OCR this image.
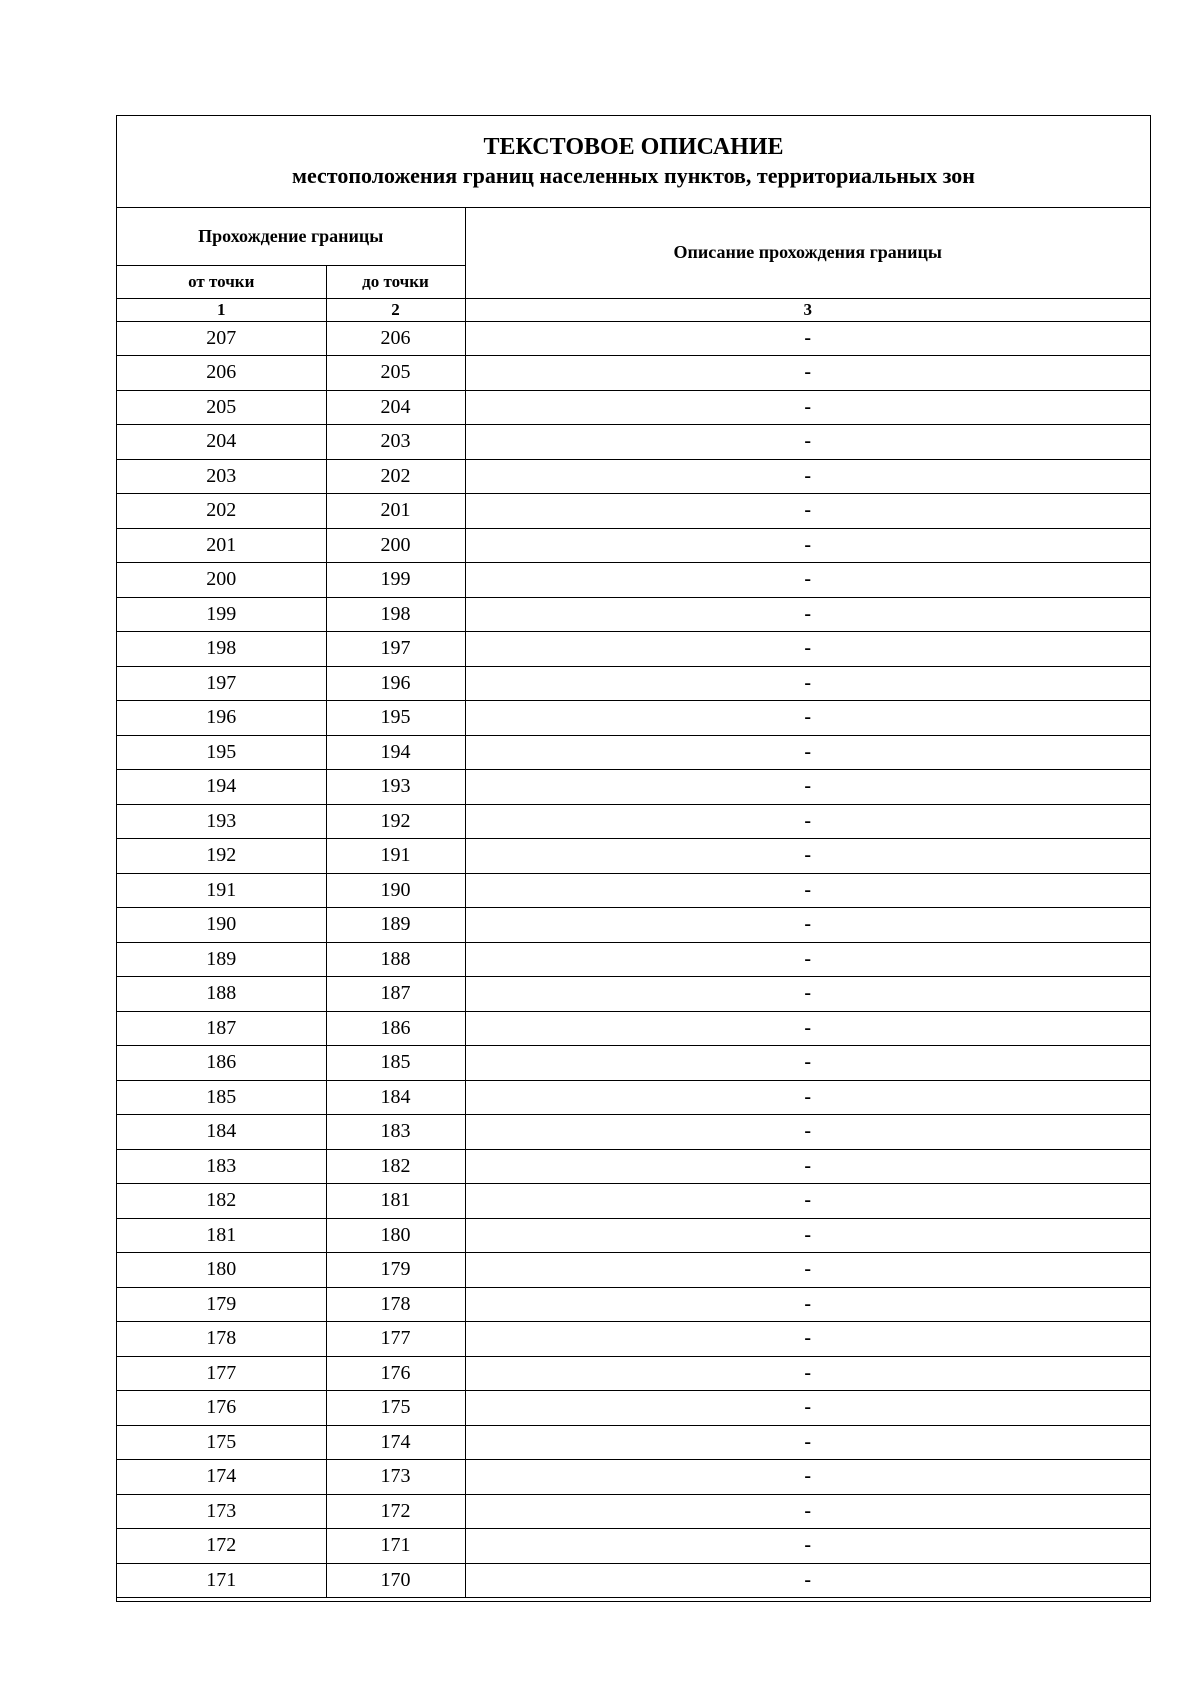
ТЕКСТОВОЕ ОПИСАНИЕ
местоположения границ населенных пунктов, территориальных зон
Прохождение границы		Описание прохождения границы
от точки	до точки	
1	2	3
207	206	-
206	205	-
205	204	-
204	203	-
203	202	-
202	201	-
201	200	-
200	199	-
199	198	-
198	197	-
197	196	-
196	195	-
195	194	-
194	193	-
193	192	-
192	191	-
191	190	-
190	189	-
189	188	-
188	187	-
187	186	-
186	185	-
185	184	-
184	183	-
183	182	-
182	181	-
181	180	-
180	179	-
179	178	-
178	177	-
177	176	-
176	175	-
175	174	-
174	173	-
173	172	-
172	171	-
171	170	-
